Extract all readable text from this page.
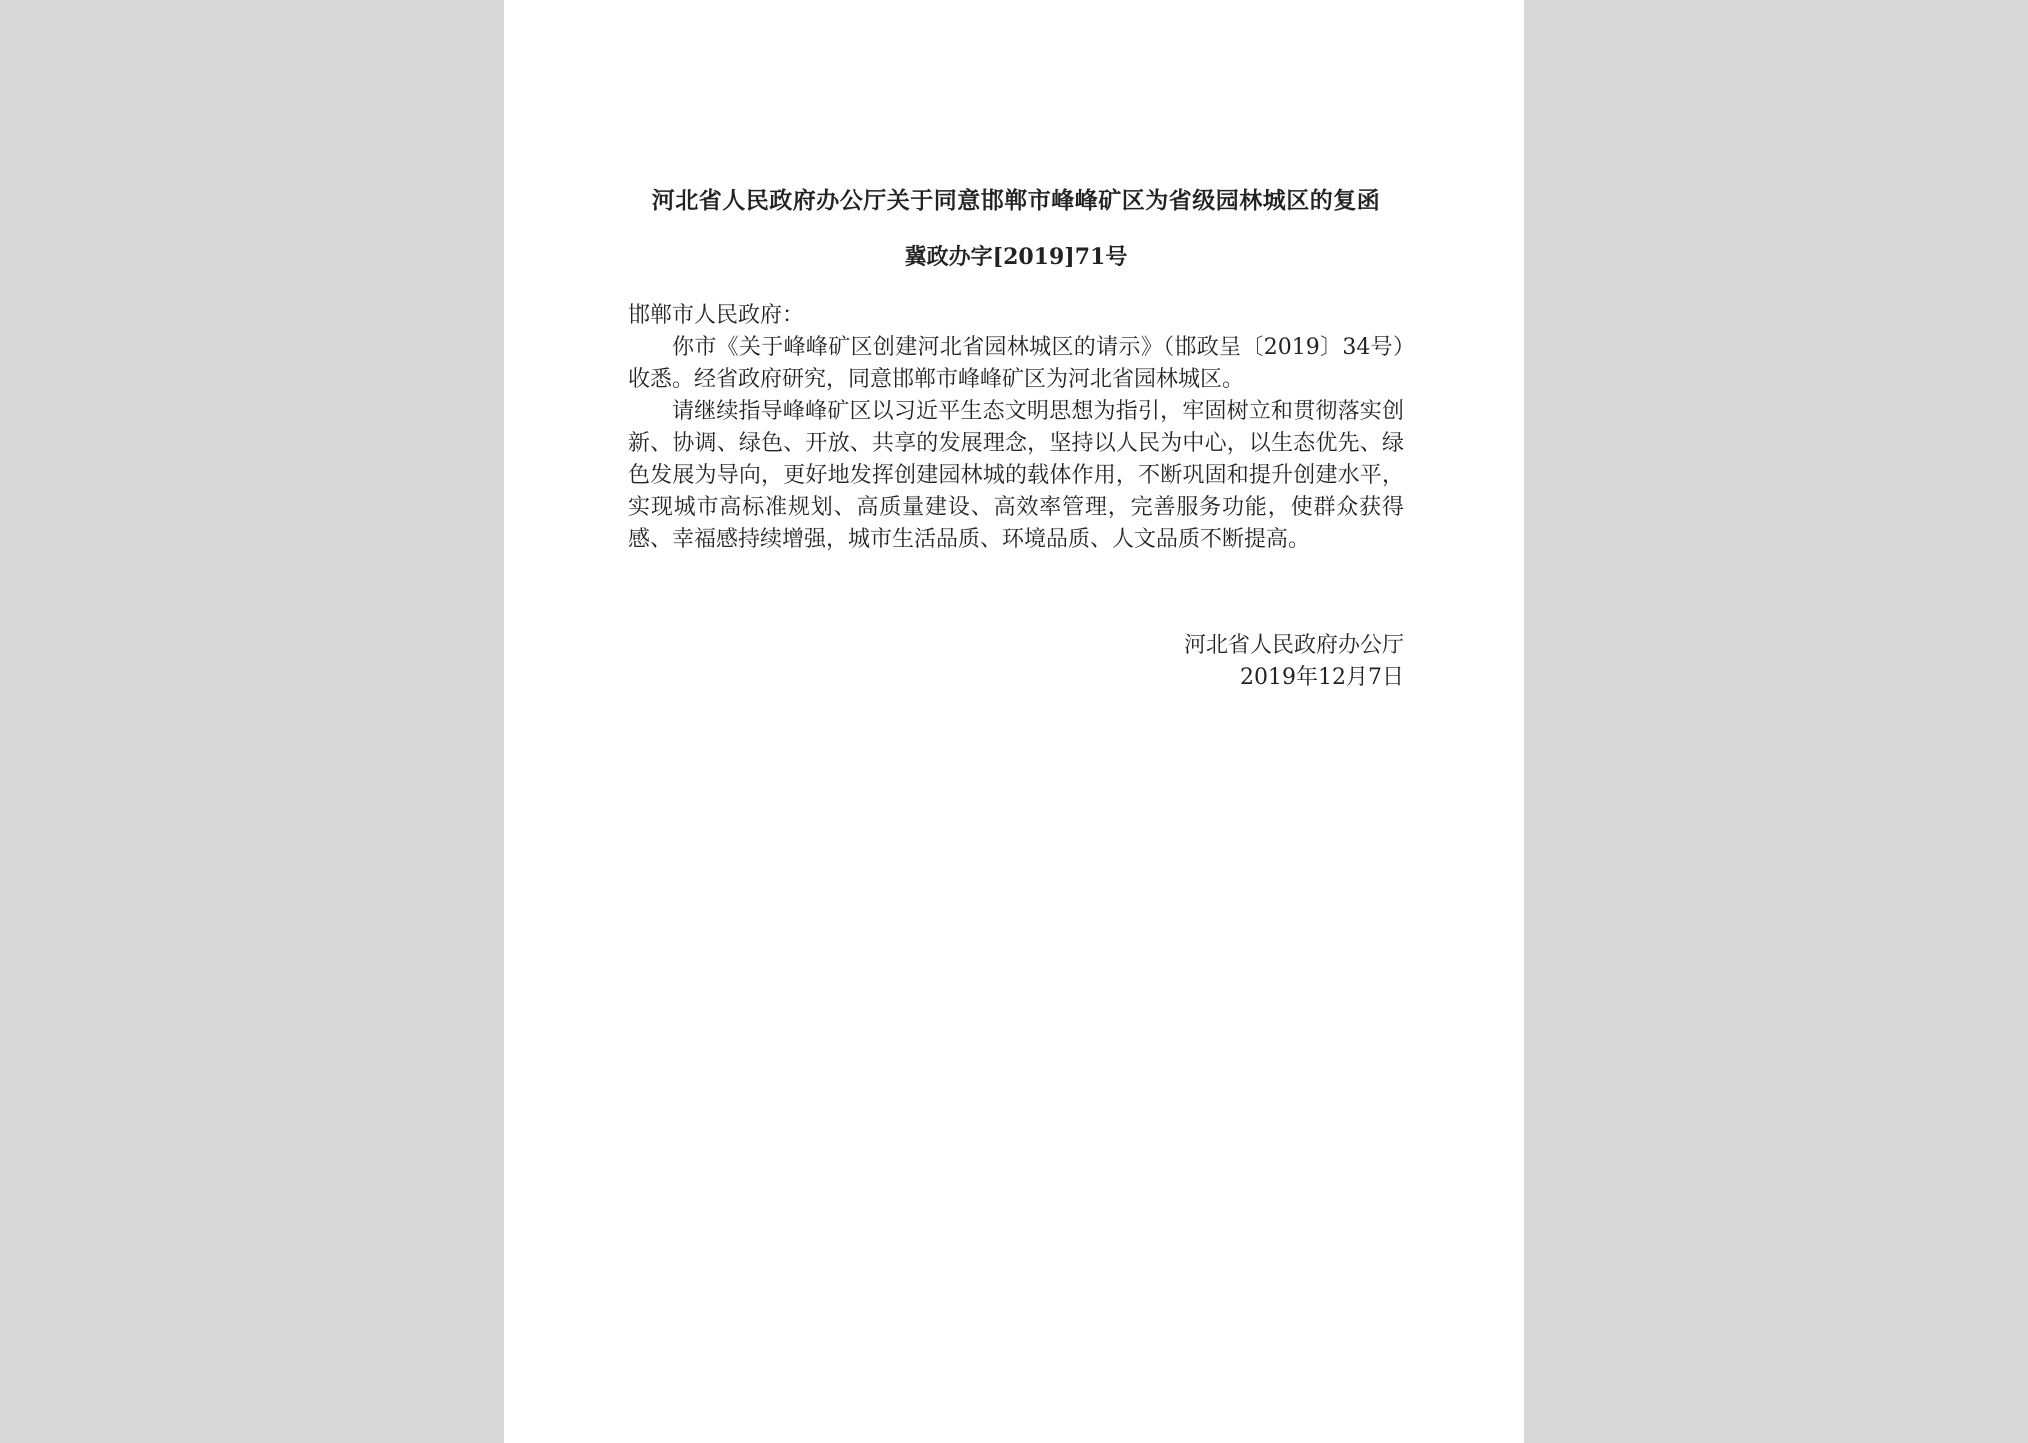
河北省人民政府办公厅关于同意邯郸市峰峰矿区为省级园林城区的复函
冀政办字[2019]71号

邯郸市人民政府：

你市《关于峰峰矿区创建河北省园林城区的请示》（邯政呈〔2019〕34号）收悉。经省政府研究，同意邯郸市峰峰矿区为河北省园林城区。

请继续指导峰峰矿区以习近平生态文明思想为指引，牢固树立和贯彻落实创新、协调、绿色、开放、共享的发展理念，坚持以人民为中心，以生态优先、绿色发展为导向，更好地发挥创建园林城的载体作用，不断巩固和提升创建水平，实现城市高标准规划、高质量建设、高效率管理，完善服务功能，使群众获得感、幸福感持续增强，城市生活品质、环境品质、人文品质不断提高。

河北省人民政府办公厅
2019年12月7日
